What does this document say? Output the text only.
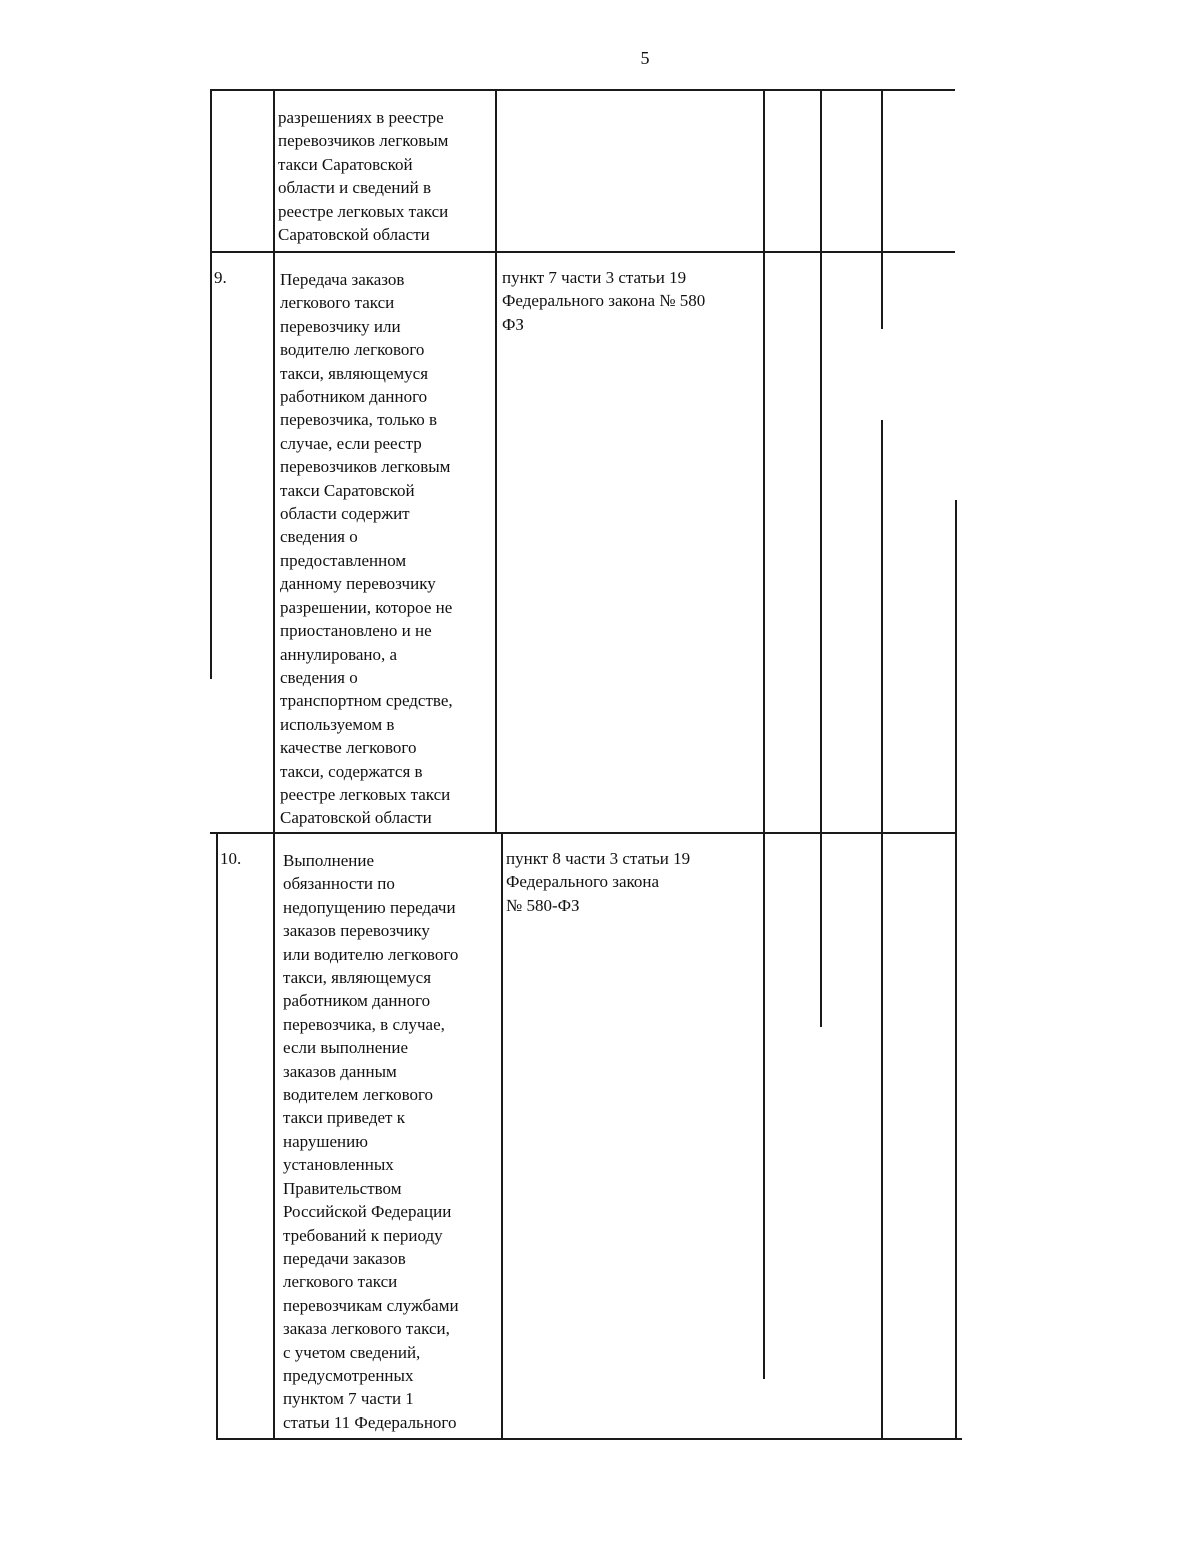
5
разрешениях в реестре
перевозчиков легковым
такси Саратовской
области и сведений в
реестре легковых такси
Саратовской области
9.	Передача заказов
легкового такси
перевозчику или
водителю легкового
такси, являющемуся
работником данного
перевозчика, только в
случае, если реестр
перевозчиков легковым
такси Саратовской
области содержит
сведения о
предоставленном
данному перевозчику
разрешении, которое не
приостановлено и не
аннулировано, а
сведения о
транспортном средстве,
используемом в
качестве легкового
такси, содержатся в
реестре легковых такси
Саратовской области
пункт 7 части 3 статьи 19
Федерального закона № 580
ФЗ
10. Выполнение
обязанности по
недопущению передачи
заказов перевозчику
или водителю легкового
такси, являющемуся
работником данного
перевозчика, в случае,
если выполнение
заказов данным
водителем легкового
такси приведет к
нарушению
установленных
Правительством
Российской Федерации
требований к периоду
передачи заказов
легкового такси
перевозчикам службами
заказа легкового такси,
с учетом сведений,
предусмотренных
пунктом 7 части 1
статьи 11 Федерального
пункт 8 части 3 статьи 19
Федерального закона
№ 580-ФЗ
